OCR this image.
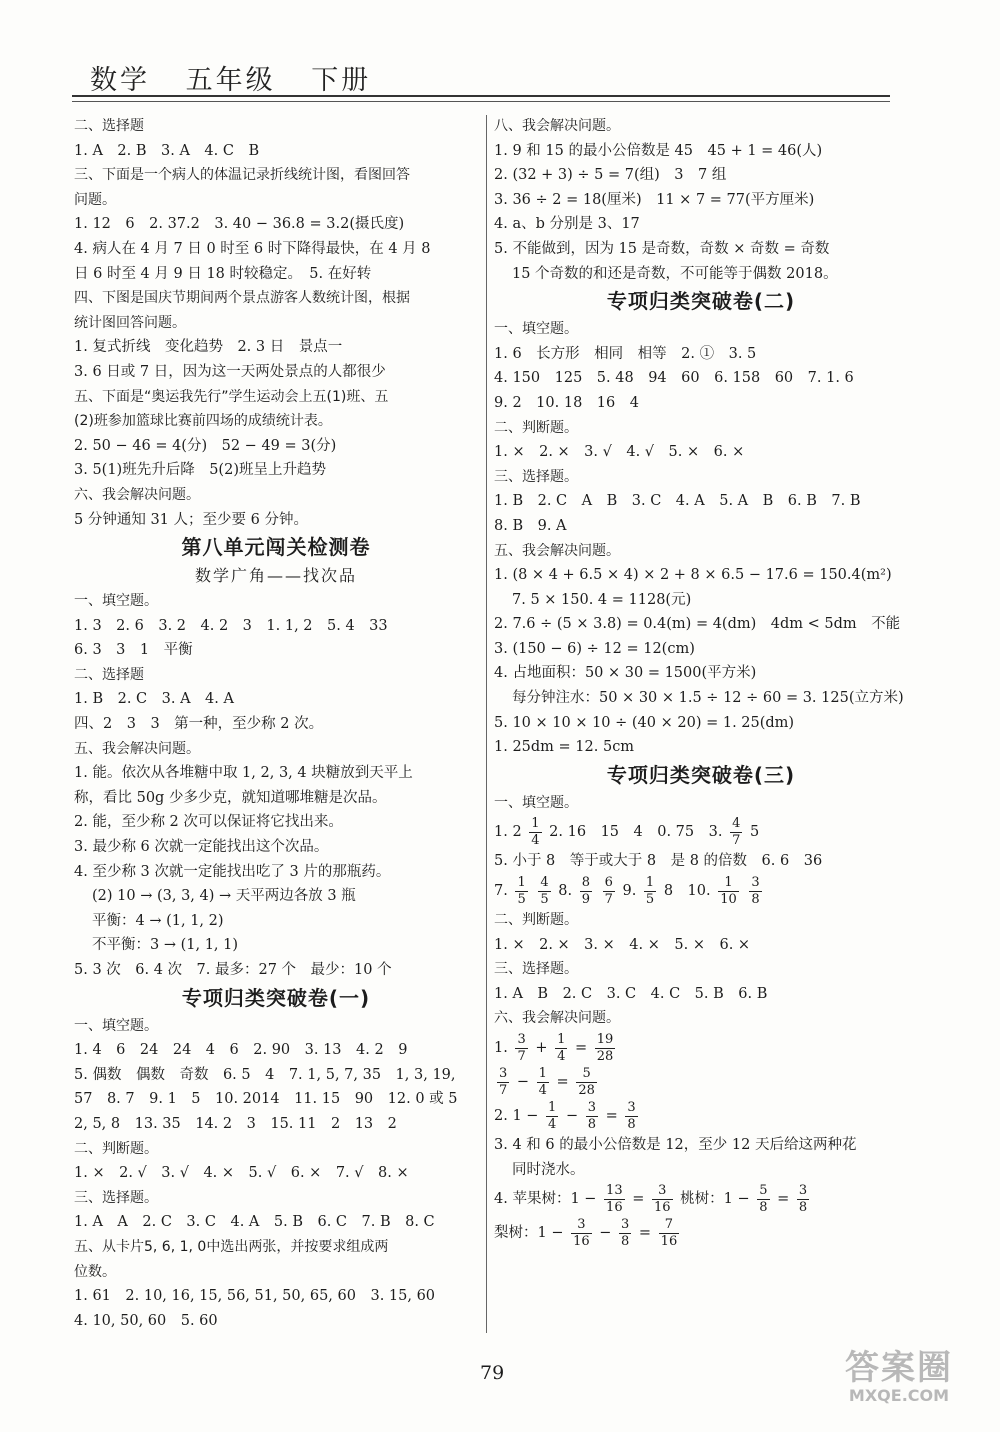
数学 五年级 下册
二、选择题
1. A　2. B　3. A　4. C　B
三、下面是一个病人的体温记录折线统计图，看图回答
问题。
1. 12　6　2. 37.2　3. 40 − 36.8 = 3.2(摄氏度)
4. 病人在 4 月 7 日 0 时至 6 时下降得最快，在 4 月 8
日 6 时至 4 月 9 日 18 时较稳定。　5. 在好转
四、下图是国庆节期间两个景点游客人数统计图，根据
统计图回答问题。
1. 复式折线　变化趋势　2. 3 日　景点一
3. 6 日或 7 日，因为这一天两处景点的人都很少
五、下面是“奥运我先行”学生运动会上五(1)班、五
(2)班参加篮球比赛前四场的成绩统计表。
2. 50 − 46 = 4(分)　52 − 49 = 3(分)
3. 5(1)班先升后降　5(2)班呈上升趋势
六、我会解决问题。
5 分钟通知 31 人；至少要 6 分钟。
第八单元闯关检测卷
数学广角——找次品
一、填空题。
1. 3　2. 6　3. 2　4. 2　3　1. 1, 2　5. 4　33
6. 3　3　1　平衡
二、选择题
1. B　2. C　3. A　4. A
四、2　3　3　第一种，至少称 2 次。
五、我会解决问题。
1. 能。依次从各堆糖中取 1, 2, 3, 4 块糖放到天平上
称，看比 50g 少多少克，就知道哪堆糖是次品。
2. 能，至少称 2 次可以保证将它找出来。
3. 最少称 6 次就一定能找出这个次品。
4. 至少称 3 次就一定能找出吃了 3 片的那瓶药。
(2) 10 → (3, 3, 4) → 天平两边各放 3 瓶
平衡：4 → (1, 1, 2)
不平衡：3 → (1, 1, 1)
5. 3 次　6. 4 次　7. 最多：27 个　最少：10 个
专项归类突破卷(一)
一、填空题。
1. 4　6　24　24　4　6　2. 90　3. 13　4. 2　9
5. 偶数　偶数　奇数　6. 5　4　7. 1, 5, 7, 35　1, 3, 19,
57　8. 7　9. 1　5　10. 2014　11. 15　90　12. 0 或 5
2, 5, 8　13. 35　14. 2　3　15. 11　2　13　2
二、判断题。
1. ×　2. √　3. √　4. ×　5. √　6. ×　7. √　8. ×
三、选择题。
1. A　A　2. C　3. C　4. A　5. B　6. C　7. B　8. C
五、从卡片5, 6, 1, 0中选出两张，并按要求组成两
位数。
1. 61　2. 10, 16, 15, 56, 51, 50, 65, 60　3. 15, 60
4. 10, 50, 60　5. 60
八、我会解决问题。
1. 9 和 15 的最小公倍数是 45　45 + 1 = 46(人)
2. (32 + 3) ÷ 5 = 7(组)　3　7 组
3. 36 ÷ 2 = 18(厘米)　11 × 7 = 77(平方厘米)
4. a、b 分别是 3、17
5. 不能做到，因为 15 是奇数，奇数 × 奇数 = 奇数
15 个奇数的和还是奇数，不可能等于偶数 2018。
专项归类突破卷(二)
一、填空题。
1. 6　长方形　相同　相等　2. ①　3. 5
4. 150　125　5. 48　94　60　6. 158　60　7. 1. 6
9. 2　10. 18　16　4
二、判断题。
1. ×　2. ×　3. √　4. √　5. ×　6. ×
三、选择题。
1. B　2. C　A　B　3. C　4. A　5. A　B　6. B　7. B
8. B　9. A
五、我会解决问题。
1. (8 × 4 + 6.5 × 4) × 2 + 8 × 6.5 − 17.6 = 150.4(m²)
7. 5 × 150. 4 = 1128(元)
2. 7.6 ÷ (5 × 3.8) = 0.4(m) = 4(dm)　4dm < 5dm　不能
3. (150 − 6) ÷ 12 = 12(cm)
4. 占地面积：50 × 30 = 1500(平方米)
每分钟注水：50 × 30 × 1.5 ÷ 12 ÷ 60 = 3. 125(立方米)
5. 10 × 10 × 10 ÷ (40 × 20) = 1. 25(dm)
1. 25dm = 12. 5cm
专项归类突破卷(三)
一、填空题。
1. $2 \frac{1}{4} 2$. 16　15　4　0. 75　3. $\frac{4}{7} 5$
5. 小于 8　等于或大于 8　是 8 的倍数　6. 6　36
7. $\frac{1}{5}$
$\frac{4}{5} 8$. $\frac{8}{9}$
$\frac{6}{7} 9$. $\frac{1}{5} 8$　10. $\frac{1}{10}$
$\frac{3}{8}$
二、判断题。
1. ×　2. ×　3. ×　4. ×　5. ×　6. ×
三、选择题。
1. A　B　2. C　3. C　4. C　5. B　6. B
六、我会解决问题。
1. $\frac{3}{7} + \frac{1}{4} = \frac{19}{28}$
$\frac{3}{7} - \frac{1}{4} = \frac{5}{28}$
2. $1 - \frac{1}{4} - \frac{3}{8} = \frac{3}{8}$
3. 4 和 6 的最小公倍数是 12，至少 12 天后给这两种花
同时浇水。
4. 苹果树：$1 - \frac{13}{16} = \frac{3}{16}$ 桃树：$1 - \frac{5}{8} = \frac{3}{8}$
梨树：$1 - \frac{3}{16} - \frac{3}{8} = \frac{7}{16}$
79	答案圈
MXQE.COM
